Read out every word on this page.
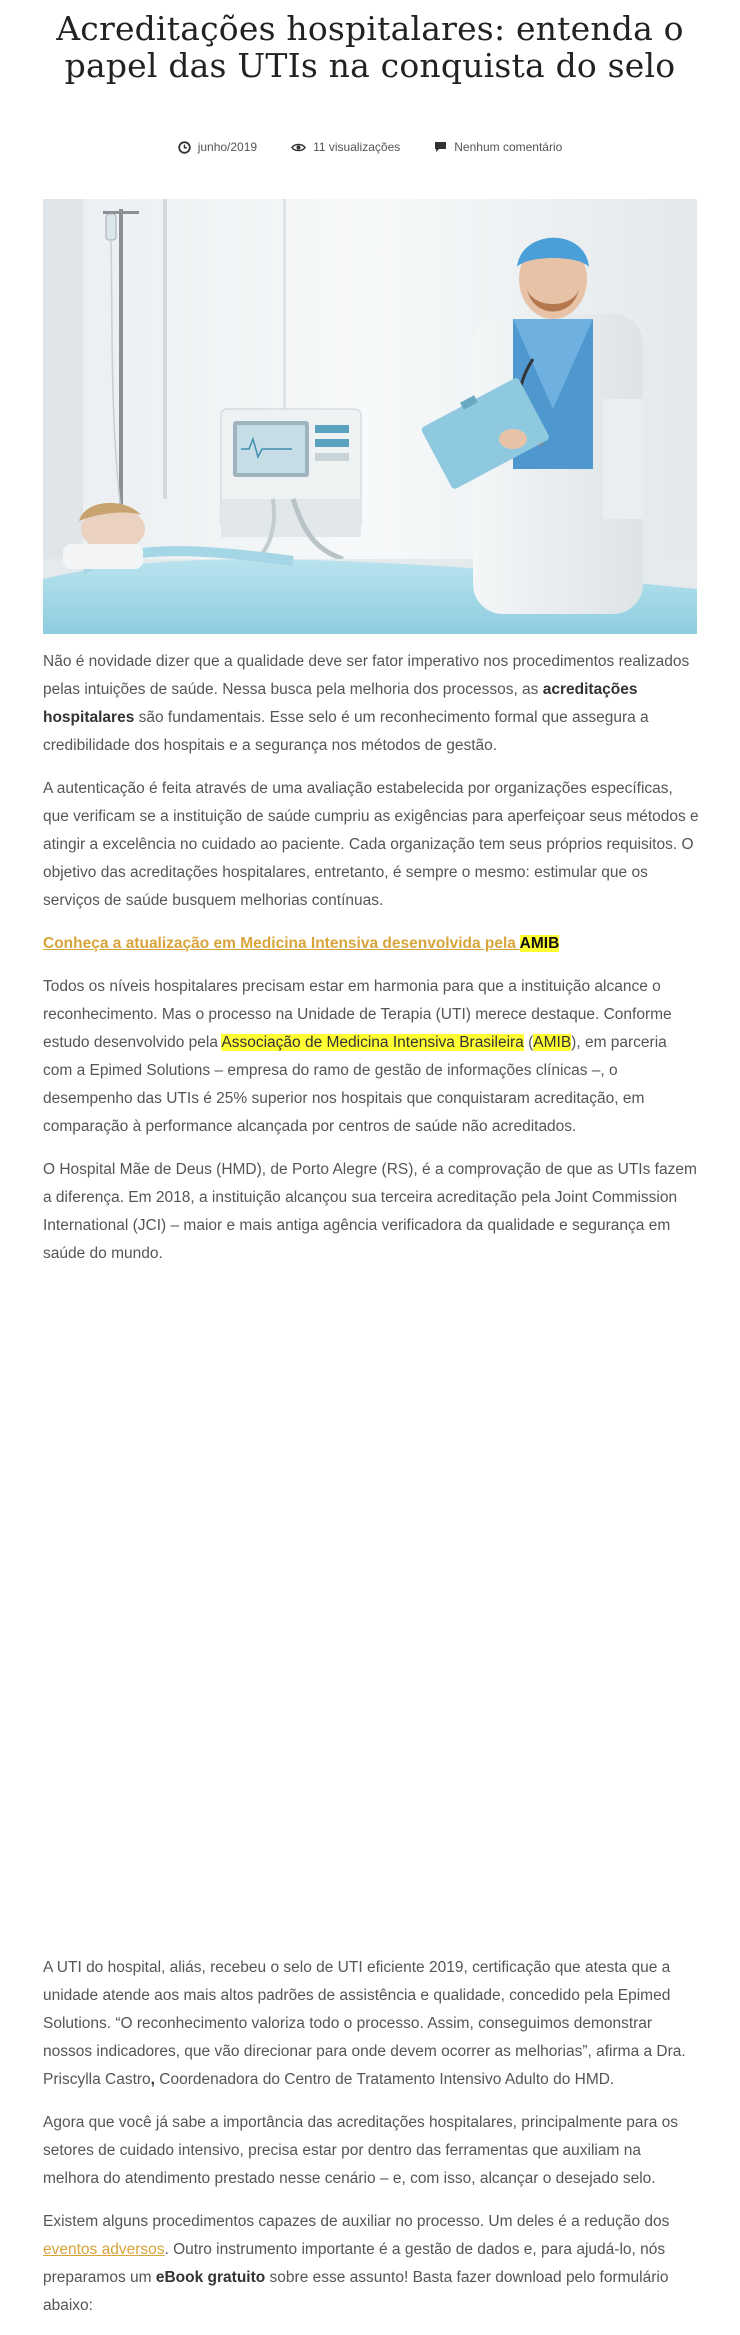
Acreditações hospitalares: entenda o
papel das UTIs na conquista do selo
junho/2019	11 visualizações	Nenhum comentário

Não é novidade dizer que a qualidade deve ser fator imperativo nos procedimentos realizados pelas intuições de saúde. Nessa busca pela melhoria dos processos, as acreditações hospitalares são fundamentais. Esse selo é um reconhecimento formal que assegura a credibilidade dos hospitais e a segurança nos métodos de gestão.

A autenticação é feita através de uma avaliação estabelecida por organizações específicas, que verificam se a instituição de saúde cumpriu as exigências para aperfeiçoar seus métodos e atingir a excelência no cuidado ao paciente. Cada organização tem seus próprios requisitos. O objetivo das acreditações hospitalares, entretanto, é sempre o mesmo: estimular que os serviços de saúde busquem melhorias contínuas.

Conheça a atualização em Medicina Intensiva desenvolvida pela AMIB

Todos os níveis hospitalares precisam estar em harmonia para que a instituição alcance o reconhecimento. Mas o processo na Unidade de Terapia (UTI) merece destaque. Conforme estudo desenvolvido pela Associação de Medicina Intensiva Brasileira (AMIB), em parceria com a Epimed Solutions – empresa do ramo de gestão de informações clínicas –, o desempenho das UTIs é 25% superior nos hospitais que conquistaram acreditação, em comparação à performance alcançada por centros de saúde não acreditados.

O Hospital Mãe de Deus (HMD), de Porto Alegre (RS), é a comprovação de que as UTIs fazem a diferença. Em 2018, a instituição alcançou sua terceira acreditação pela Joint Commission International (JCI) – maior e mais antiga agência verificadora da qualidade e segurança em saúde do mundo.

A UTI do hospital, aliás, recebeu o selo de UTI eficiente 2019, certificação que atesta que a unidade atende aos mais altos padrões de assistência e qualidade, concedido pela Epimed Solutions. “O reconhecimento valoriza todo o processo. Assim, conseguimos demonstrar nossos indicadores, que vão direcionar para onde devem ocorrer as melhorias”, afirma a Dra. Priscylla Castro, Coordenadora do Centro de Tratamento Intensivo Adulto do HMD.

Agora que você já sabe a importância das acreditações hospitalares, principalmente para os setores de cuidado intensivo, precisa estar por dentro das ferramentas que auxiliam na melhora do atendimento prestado nesse cenário – e, com isso, alcançar o desejado selo.

Existem alguns procedimentos capazes de auxiliar no processo. Um deles é a redução dos eventos adversos. Outro instrumento importante é a gestão de dados e, para ajudá-lo, nós preparamos um eBook gratuito sobre esse assunto! Basta fazer download pelo formulário abaixo:
